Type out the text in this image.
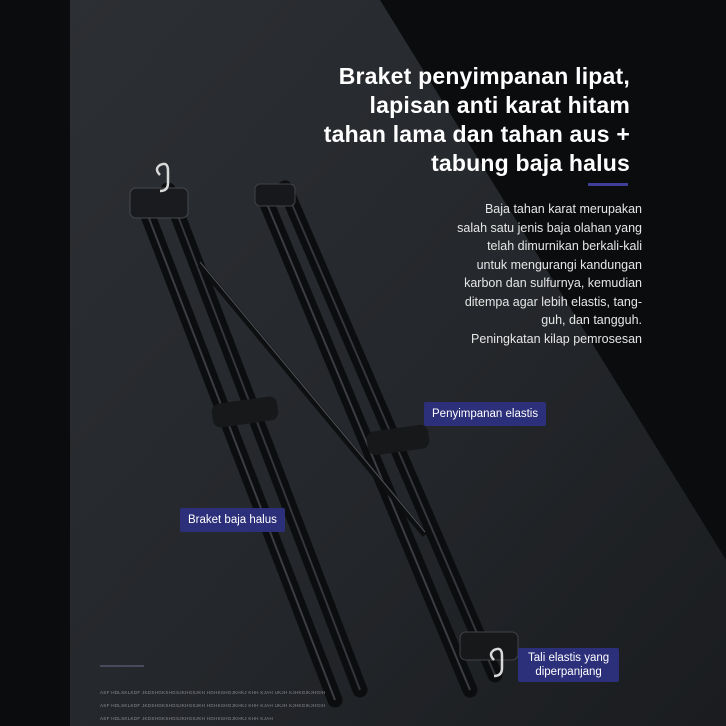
Braket penyimpanan lipat,
lapisan anti karat hitam
tahan lama dan tahan aus +
tabung baja halus
Baja tahan karat merupakan
salah satu jenis baja olahan yang
telah dimurnikan berkali-kali
untuk mengurangi kandungan
karbon dan sulfurnya, kemudian
ditempa agar lebih elastis, tang-
guh, dan tangguh.
Peningkatan kilap pemrosesan
Braket baja halus
Penyimpanan elastis
Tali elastis yang
diperpanjang
ASF HDLSKLKDF JKDSHGKSHGSJKHGSJKH HGHKSHGJKHKJ KHH KJAH UKJH KJHKGIKJHGIH
ASF HDLSKLKDF JKDSHGKSHGSJKHGSJKH HGHKSHGJKHKJ KHH KJAH UKJH KJHKGIKJHGIH
ASF HDLSKLKDF JKDSHGKSHGSJKHGSJKH HGHKSHGJKHKJ KHH KJAH
